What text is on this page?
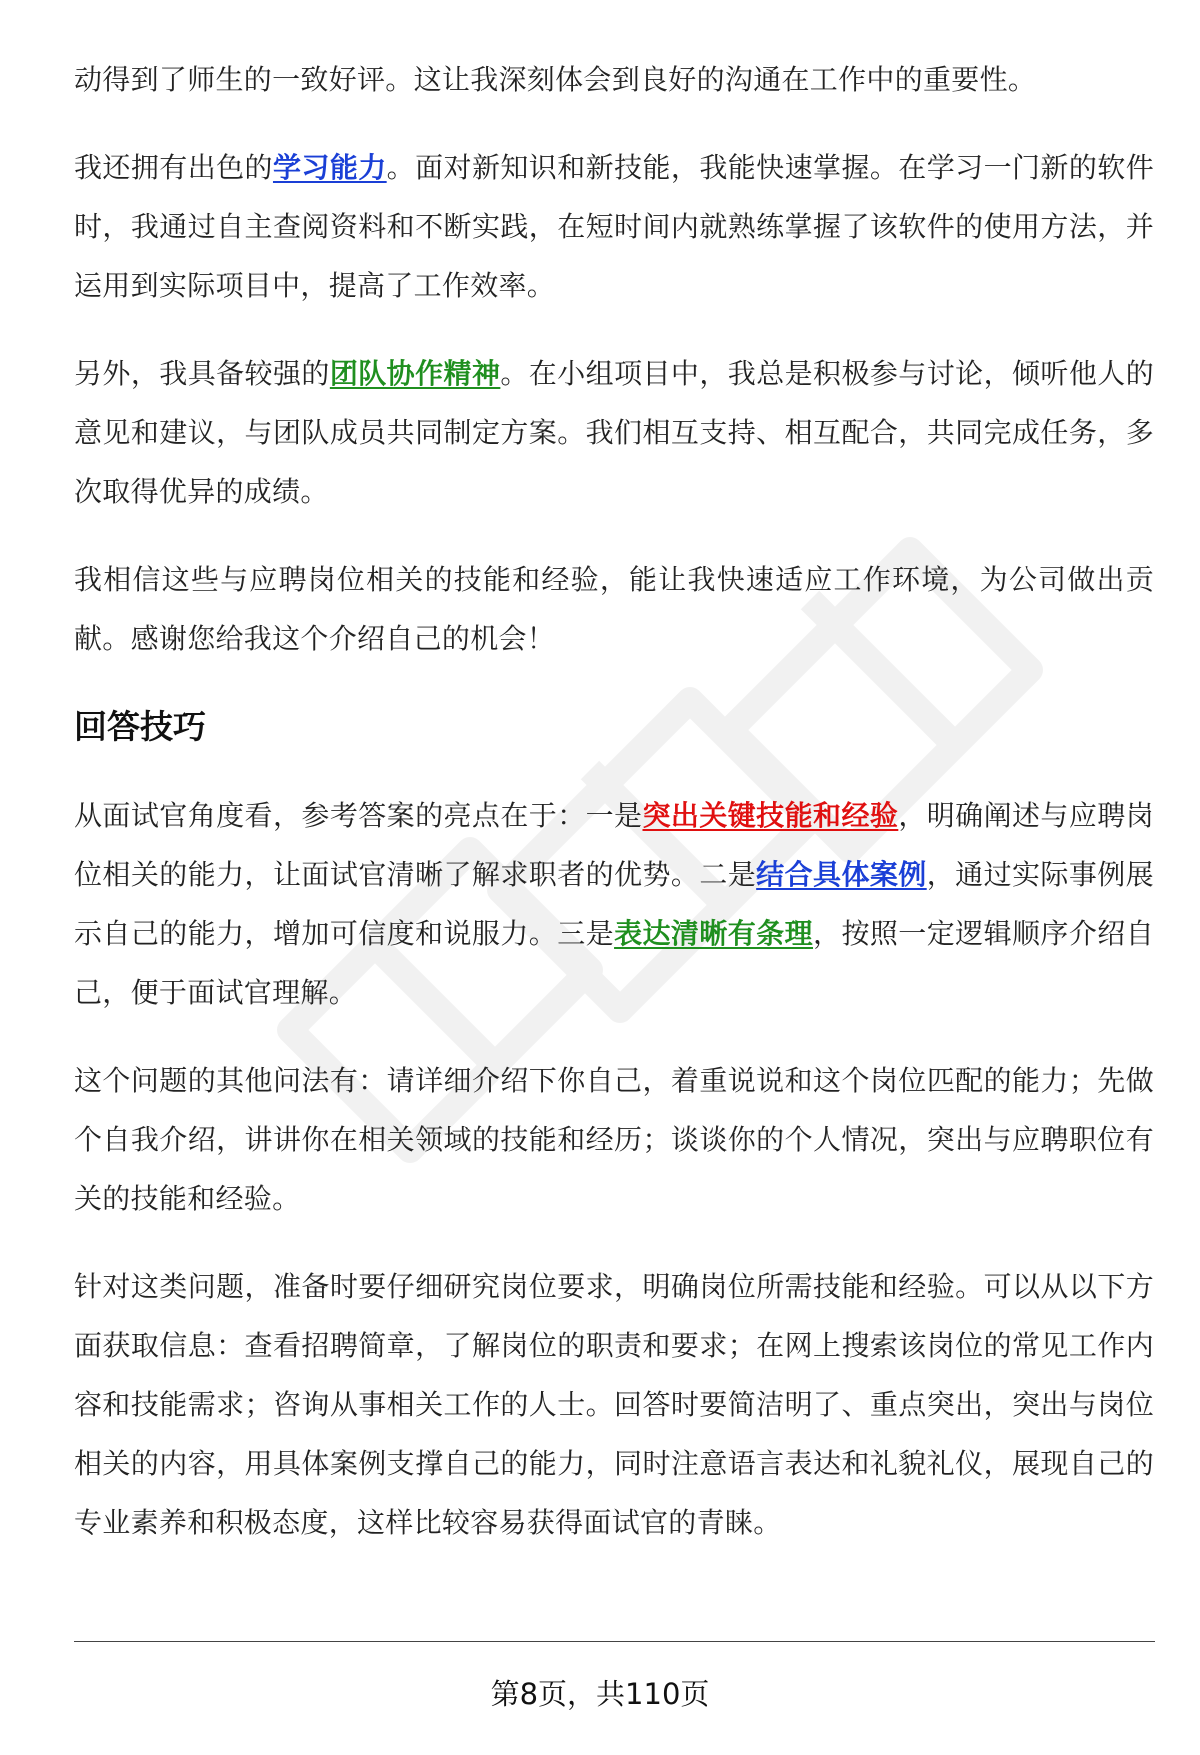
动得到了师生的一致好评。这让我深刻体会到良好的沟通在工作中的重要性。

我还拥有出色的学习能力。面对新知识和新技能，我能快速掌握。在学习一门新的软件时，我通过自主查阅资料和不断实践，在短时间内就熟练掌握了该软件的使用方法，并运用到实际项目中，提高了工作效率。

另外，我具备较强的团队协作精神。在小组项目中，我总是积极参与讨论，倾听他人的意见和建议，与团队成员共同制定方案。我们相互支持、相互配合，共同完成任务，多次取得优异的成绩。

我相信这些与应聘岗位相关的技能和经验，能让我快速适应工作环境，为公司做出贡献。感谢您给我这个介绍自己的机会！

回答技巧

从面试官角度看，参考答案的亮点在于：一是突出关键技能和经验，明确阐述与应聘岗位相关的能力，让面试官清晰了解求职者的优势。二是结合具体案例，通过实际事例展示自己的能力，增加可信度和说服力。三是表达清晰有条理，按照一定逻辑顺序介绍自己，便于面试官理解。

这个问题的其他问法有：请详细介绍下你自己，着重说说和这个岗位匹配的能力；先做个自我介绍，讲讲你在相关领域的技能和经历；谈谈你的个人情况，突出与应聘职位有关的技能和经验。

针对这类问题，准备时要仔细研究岗位要求，明确岗位所需技能和经验。可以从以下方面获取信息：查看招聘简章，了解岗位的职责和要求；在网上搜索该岗位的常见工作内容和技能需求；咨询从事相关工作的人士。回答时要简洁明了、重点突出，突出与岗位相关的内容，用具体案例支撑自己的能力，同时注意语言表达和礼貌礼仪，展现自己的专业素养和积极态度，这样比较容易获得面试官的青睐。

第8页，共110页
